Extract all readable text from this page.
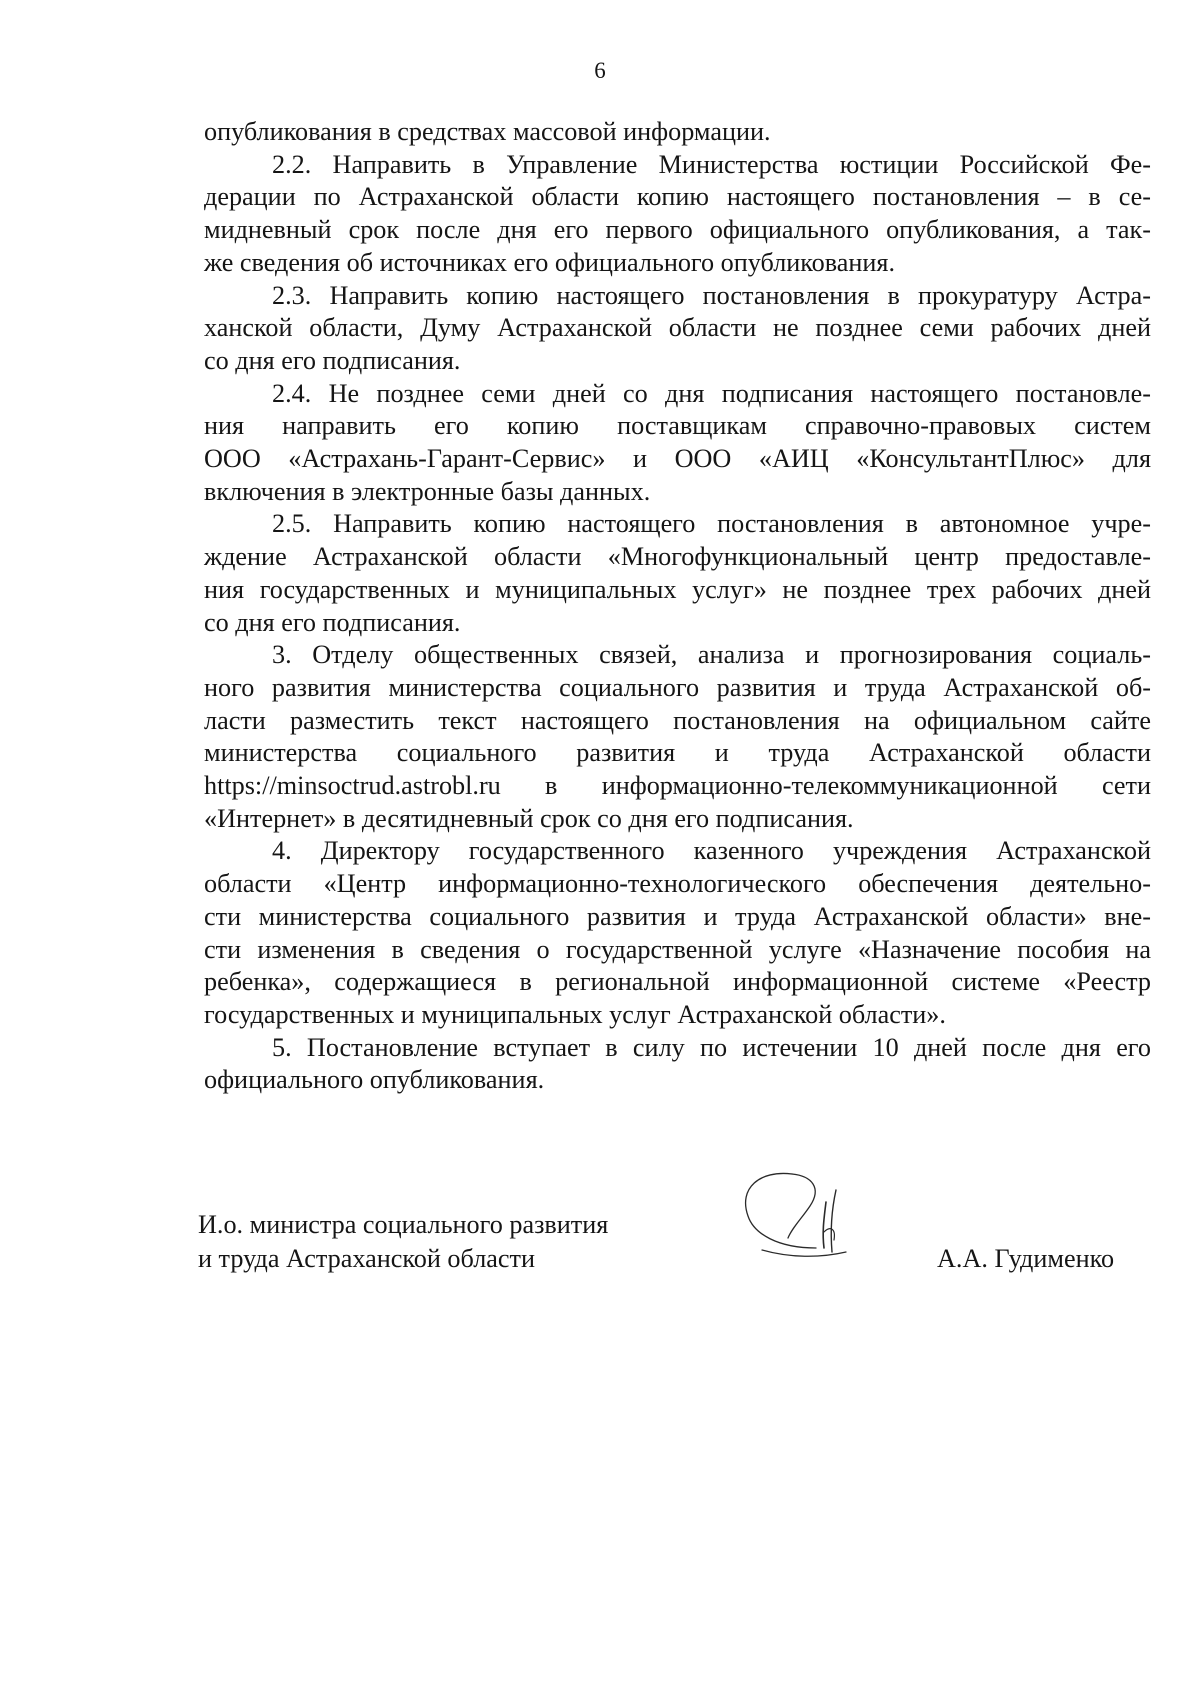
6
опубликования в средствах массовой информации.
2.2. Направить в Управление Министерства юстиции Российской Фе-
дерации по Астраханской области копию настоящего постановления – в се-
мидневный срок после дня его первого официального опубликования, а так-
же сведения об источниках его официального опубликования.
2.3. Направить копию настоящего постановления в прокуратуру Астра-
ханской области, Думу Астраханской области не позднее семи рабочих дней
со дня его подписания.
2.4. Не позднее семи дней со дня подписания настоящего постановле-
ния направить его копию поставщикам справочно-правовых систем
ООО «Астрахань-Гарант-Сервис» и ООО «АИЦ «КонсультантПлюс» для
включения в электронные базы данных.
2.5. Направить копию настоящего постановления в автономное учре-
ждение Астраханской области «Многофункциональный центр предоставле-
ния государственных и муниципальных услуг» не позднее трех рабочих дней
со дня его подписания.
3. Отделу общественных связей, анализа и прогнозирования социаль-
ного развития министерства социального развития и труда Астраханской об-
ласти разместить текст настоящего постановления на официальном сайте
министерства социального развития и труда Астраханской области
https://minsoctrud.astrobl.ru в информационно-телекоммуникационной сети
«Интернет» в десятидневный срок со дня его подписания.
4. Директору государственного казенного учреждения Астраханской
области «Центр информационно-технологического обеспечения деятельно-
сти министерства социального развития и труда Астраханской области» вне-
сти изменения в сведения о государственной услуге «Назначение пособия на
ребенка», содержащиеся в региональной информационной системе «Реестр
государственных и муниципальных услуг Астраханской области».
5. Постановление вступает в силу по истечении 10 дней после дня его
официального опубликования.
И.о. министра социального развития
и труда Астраханской области	А.А. Гудименко
